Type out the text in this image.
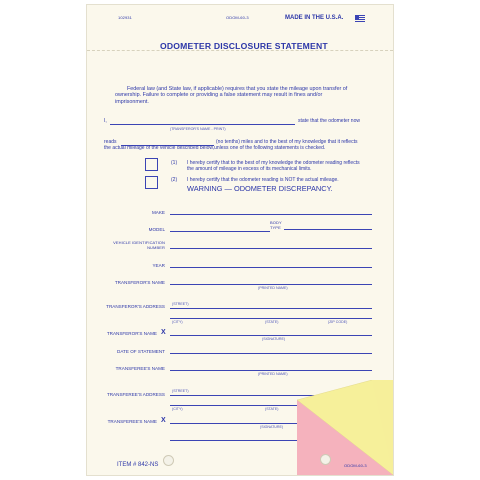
102931	ODOM-60-3	MADE IN THE U.S.A.
ODOMETER DISCLOSURE STATEMENT
Federal law (and State law, if applicable) requires that you state the mileage upon transfer of ownership. Failure to complete or providing a false statement may result in fines and/or imprisonment.
I,
(TRANSFEROR'S NAME - PRINT)
state that the odometer now
reads	(no tenths) miles and to the best of my knowledge that it reflects
the actual mileage of the vehicle described below,unless one of the following statements is checked.
(1) I hereby certify that to the best of my knowledge the odometer reading reflects the amount of mileage in excess of its mechanical limits.
(2) I hereby certify that the odometer reading is NOT the actual mileage.
WARNING — ODOMETER DISCREPANCY.
MAKE
BODY TYPE
MODEL
VEHICLE IDENTIFICATION NUMBER
YEAR
TRANSFEROR'S NAME
(PRINTED NAME)
TRANSFEROR'S ADDRESS (STREET)
(CITY)	(STATE)	(ZIP CODE)
TRANSFEROR'S NAME X
(SIGNATURE)
DATE OF STATEMENT
TRANSFEREE'S NAME
(PRINTED NAME)
TRANSFEREE'S ADDRESS
(STREET)
(CITY)	(STATE)
TRANSFEREE'S NAME X
(SIGNATURE)
ITEM # 842-NS	ODOM-60-3
